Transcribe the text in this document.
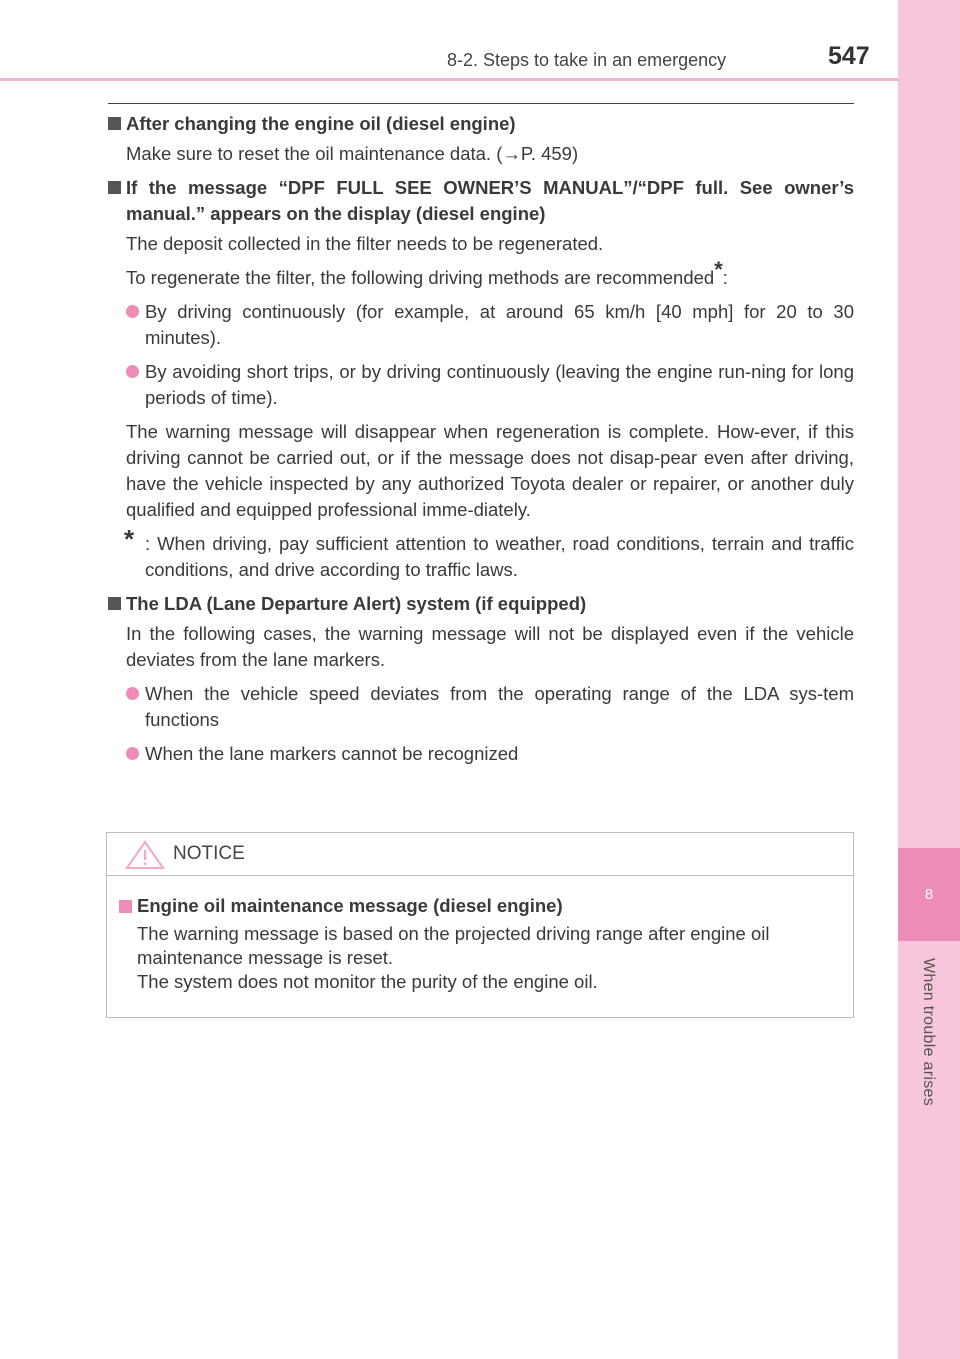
8-2. Steps to take in an emergency	547
8
When trouble arises
After changing the engine oil (diesel engine)
Make sure to reset the oil maintenance data. (→P. 459)
If the message “DPF FULL SEE OWNER’S MANUAL”/“DPF full. See owner’s manual.” appears on the display (diesel engine)
The deposit collected in the filter needs to be regenerated.
To regenerate the filter, the following driving methods are recommended*:
By driving continuously (for example, at around 65 km/h [40 mph] for 20 to 30 minutes).
By avoiding short trips, or by driving continuously (leaving the engine run-ning for long periods of time).
The warning message will disappear when regeneration is complete. How-ever, if this driving cannot be carried out, or if the message does not disap-pear even after driving, have the vehicle inspected by any authorized Toyota dealer or repairer, or another duly qualified and equipped professional imme-diately.
* : When driving, pay sufficient attention to weather, road conditions, terrain and traffic conditions, and drive according to traffic laws.
The LDA (Lane Departure Alert) system (if equipped)
In the following cases, the warning message will not be displayed even if the vehicle deviates from the lane markers.
When the vehicle speed deviates from the operating range of the LDA sys-tem functions
When the lane markers cannot be recognized
NOTICE
Engine oil maintenance message (diesel engine)
The warning message is based on the projected driving range after engine oil maintenance message is reset.
The system does not monitor the purity of the engine oil.
